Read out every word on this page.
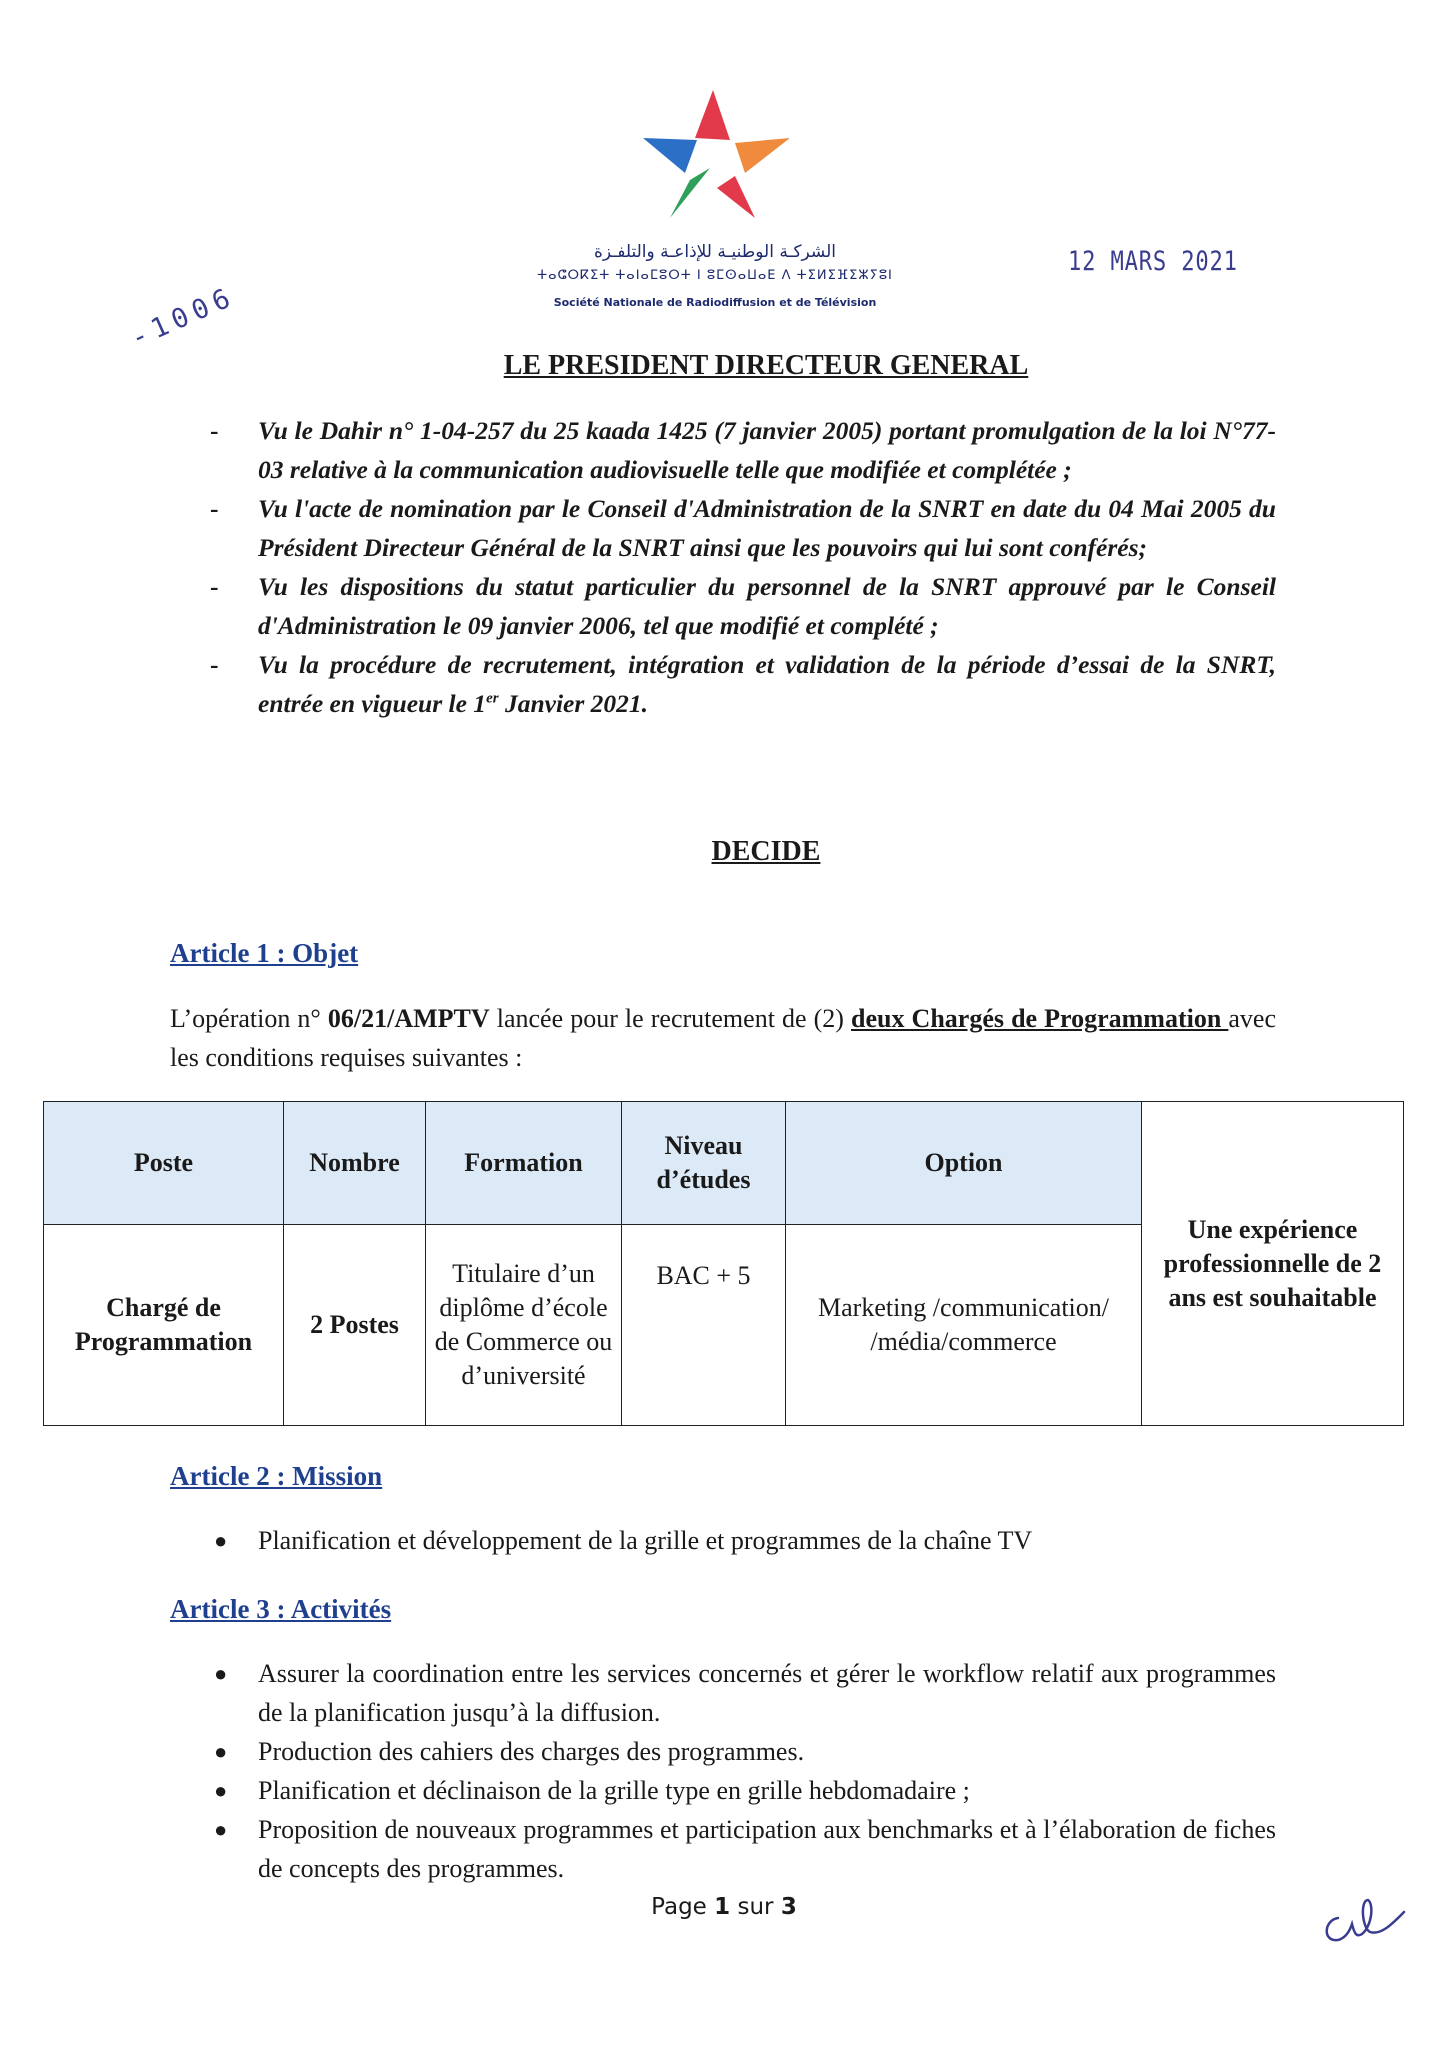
الشركـة الوطنيـة للإذاعـة والتلفـزة
ⵜⴰⵛⵔⴽⵉⵜ ⵜⴰⵏⴰⵎⵓⵔⵜ ⵏ ⵓⵎⵙⴰⵡⴰⴹ ⴷ ⵜⵉⵍⵉⴼⵉⵣⵢⵓⵏ
Société Nationale de Radiodiffusion et de Télévision
12 MARS 2021
-1006
LE PRESIDENT DIRECTEUR GENERAL
- Vu le Dahir n° 1-04-257 du 25 kaada 1425 (7 janvier 2005) portant promulgation de la loi N°77-03 relative à la communication audiovisuelle telle que modifiée et complétée ;
- Vu l'acte de nomination par le Conseil d'Administration de la SNRT en date du 04 Mai 2005 du Président Directeur Général de la SNRT ainsi que les pouvoirs qui lui sont conférés;
- Vu les dispositions du statut particulier du personnel de la SNRT approuvé par le Conseil d'Administration le 09 janvier 2006, tel que modifié et complété ;
- Vu la procédure de recrutement, intégration et validation de la période d’essai de la SNRT, entrée en vigueur le 1er Janvier 2021.
DECIDE
Article 1 : Objet
L’opération n° 06/21/AMPTV lancée pour le recrutement de (2) deux Chargés de Programmation avec les conditions requises suivantes :
Poste	Nombre	Formation	Niveau d’études	Option	Une expérience professionnelle de 2 ans est souhaitable
Chargé de Programmation	2 Postes	Titulaire d’un diplôme d’école de Commerce ou d’université	BAC + 5	Marketing /communication/ /média/commerce	
Article 2 : Mission
● Planification et développement de la grille et programmes de la chaîne TV
Article 3 : Activités
● Assurer la coordination entre les services concernés et gérer le workflow relatif aux programmes de la planification jusqu’à la diffusion.
● Production des cahiers des charges des programmes.
● Planification et déclinaison de la grille type en grille hebdomadaire ;
● Proposition de nouveaux programmes et participation aux benchmarks et à l’élaboration de fiches de concepts des programmes.
Page 1 sur 3
